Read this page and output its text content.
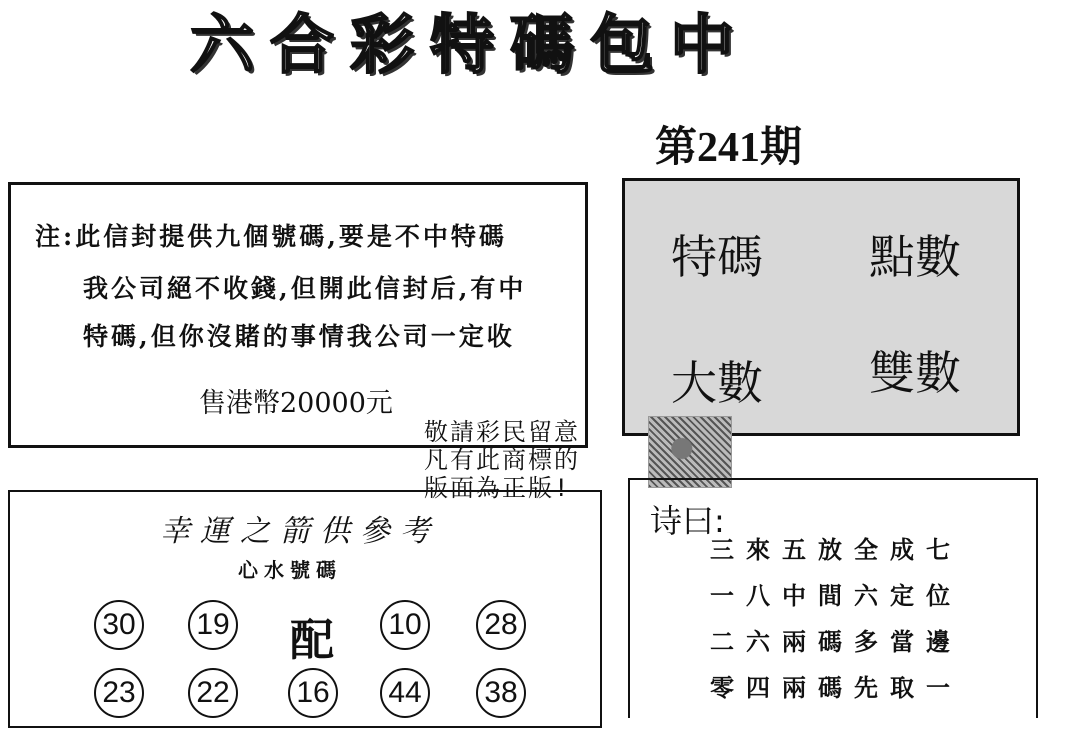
六合彩特碼包中
第241期
注:此信封提供九個號碼,要是不中特碼
我公司絕不收錢,但開此信封后,有中
特碼,但你沒賭的事情我公司一定收
售港幣20000元
特碼 點數
大數 雙數
敬請彩民留意
凡有此商標的
版面為正版!
幸運之箭供參考
心水號碼
30 19 配 10 28
23 22 16 44 38
诗曰:
三來五放全成七
一八中間六定位
二六兩碼多當邊
零四兩碼先取一
